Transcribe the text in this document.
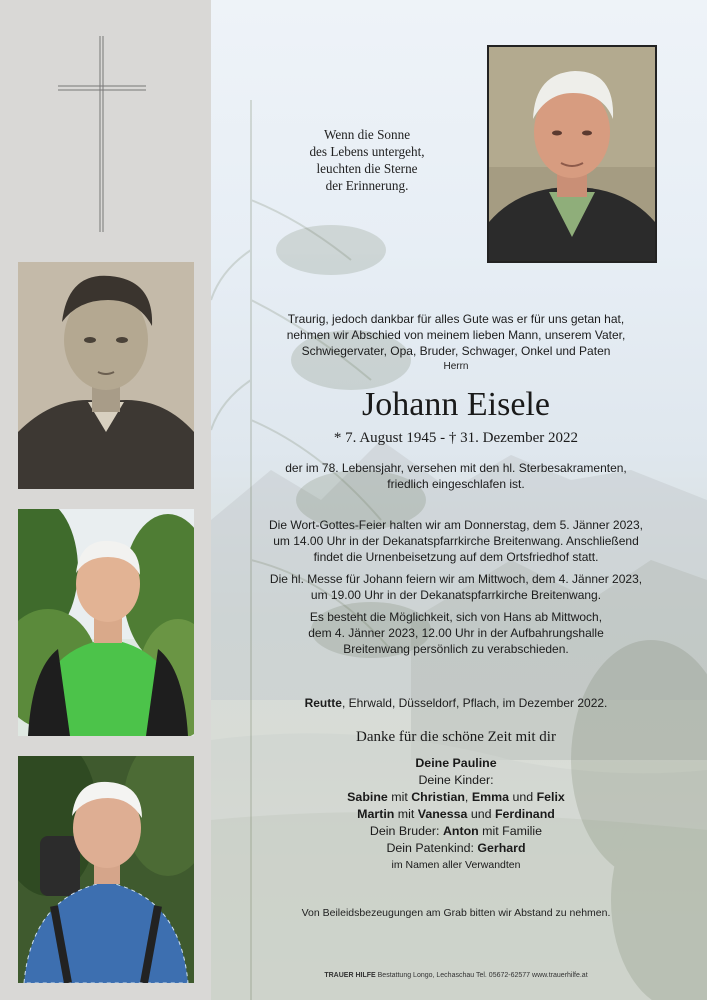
Wenn die Sonne
des Lebens untergeht,
leuchten die Sterne
der Erinnerung.
Traurig, jedoch dankbar für alles Gute was er für uns getan hat,
nehmen wir Abschied von meinem lieben Mann, unserem Vater,
Schwiegervater, Opa, Bruder, Schwager, Onkel und Paten
Herrn
Johann Eisele
* 7. August 1945 - † 31. Dezember 2022
der im 78. Lebensjahr, versehen mit den hl. Sterbesakramenten,
friedlich eingeschlafen ist.
Die Wort-Gottes-Feier halten wir am Donnerstag, dem 5. Jänner 2023,
um 14.00 Uhr in der Dekanatspfarrkirche Breitenwang. Anschließend
findet die Urnenbeisetzung auf dem Ortsfriedhof statt.
Die hl. Messe für Johann feiern wir am Mittwoch, dem 4. Jänner 2023,
um 19.00 Uhr in der Dekanatspfarrkirche Breitenwang.
Es besteht die Möglichkeit, sich von Hans ab Mittwoch,
dem 4. Jänner 2023, 12.00 Uhr in der Aufbahrungshalle
Breitenwang persönlich zu verabschieden.
Reutte, Ehrwald, Düsseldorf, Pflach, im Dezember 2022.
Danke für die schöne Zeit mit dir
Deine Pauline
Deine Kinder:
Sabine mit Christian, Emma und Felix
Martin mit Vanessa und Ferdinand
Dein Bruder: Anton mit Familie
Dein Patenkind: Gerhard
im Namen aller Verwandten
Von Beileidsbezeugungen am Grab bitten wir Abstand zu nehmen.
TRAUER HILFE Bestattung Longo, Lechaschau Tel. 05672-62577 www.trauerhilfe.at
